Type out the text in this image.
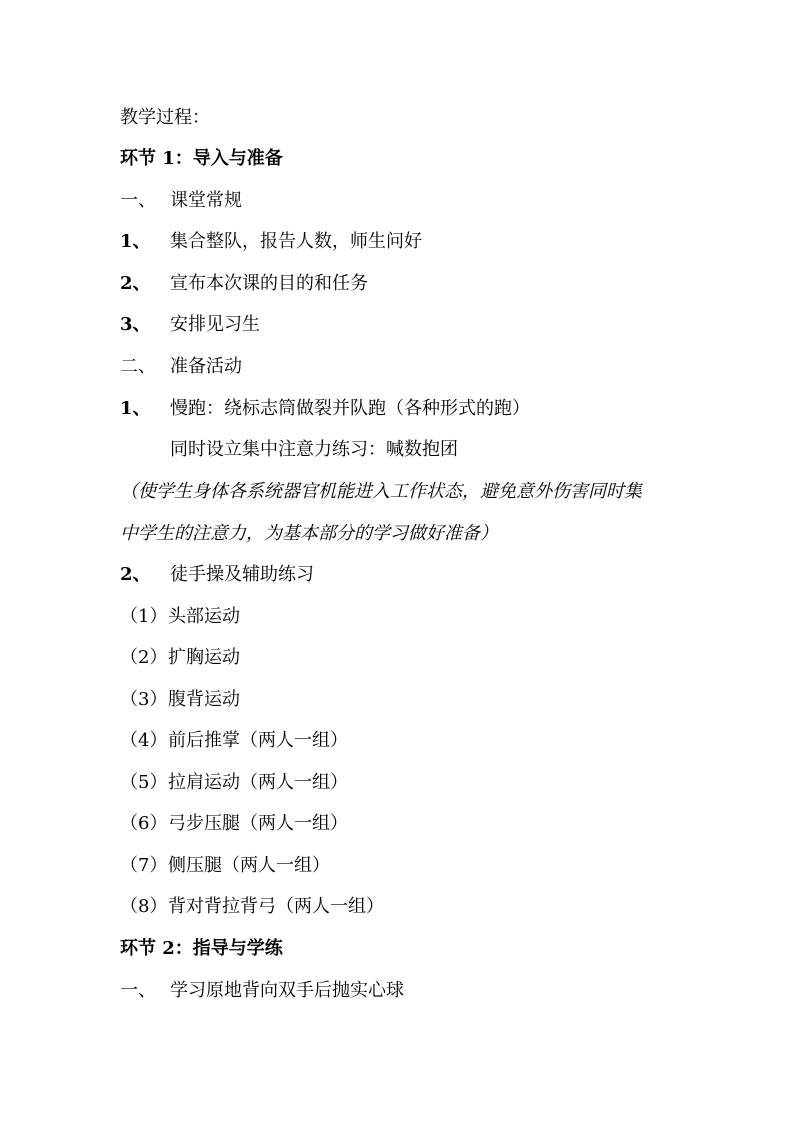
教学过程：
环节 1：导入与准备
一、 课堂常规
1、 集合整队，报告人数，师生问好
2、 宣布本次课的目的和任务
3、 安排见习生
二、 准备活动
1、 慢跑：绕标志筒做裂并队跑（各种形式的跑）
同时设立集中注意力练习：喊数抱团
（使学生身体各系统器官机能进入工作状态，避免意外伤害同时集
中学生的注意力，为基本部分的学习做好准备）
2、 徒手操及辅助练习
（1）头部运动
（2）扩胸运动
（3）腹背运动
（4）前后推掌（两人一组）
（5）拉肩运动（两人一组）
（6）弓步压腿（两人一组）
（7）侧压腿（两人一组）
（8）背对背拉背弓（两人一组）
环节 2：指导与学练
一、 学习原地背向双手后抛实心球
